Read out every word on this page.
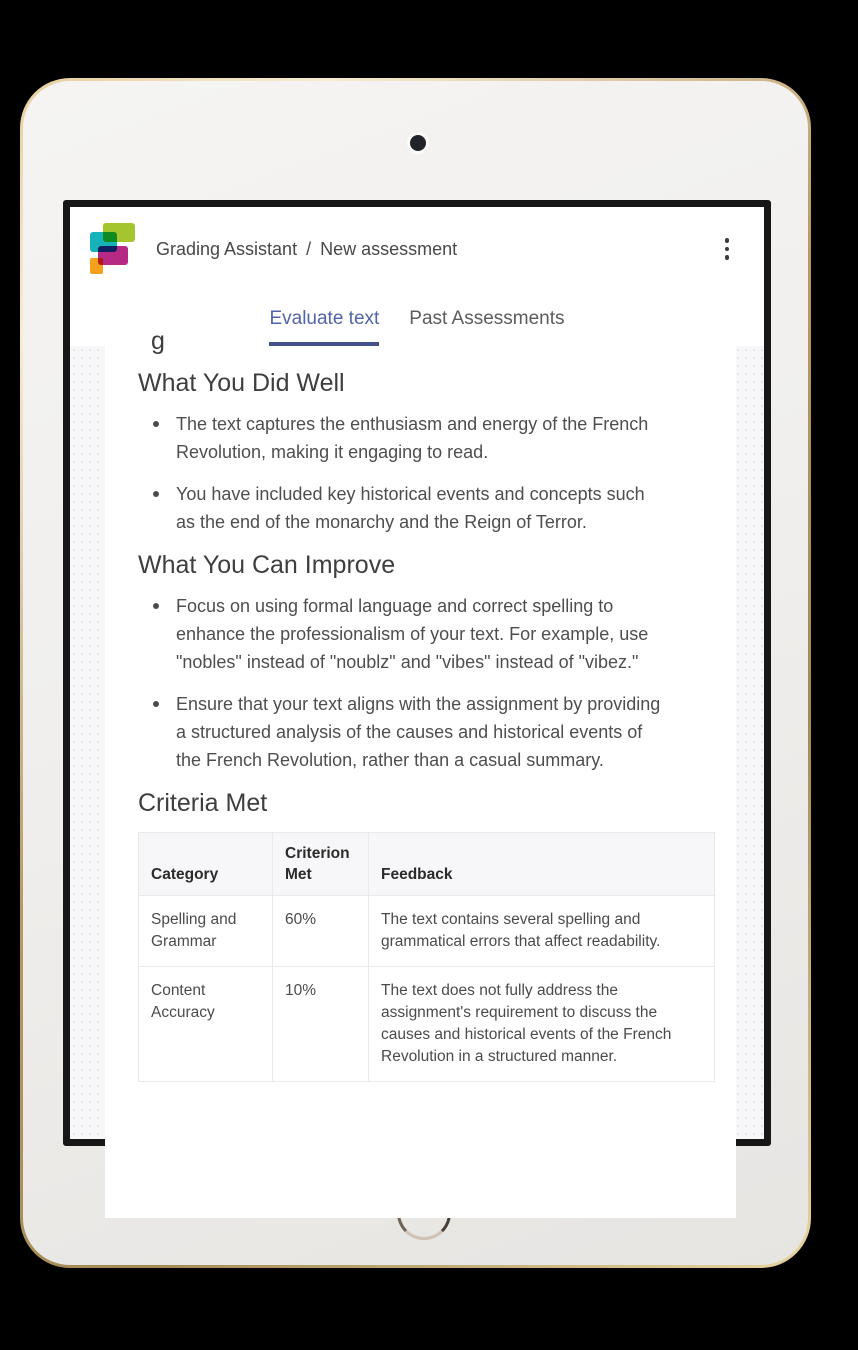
Grading Assistant / New assessment
Evaluate text Past Assessments
g
What You Did Well
The text captures the enthusiasm and energy of the French Revolution, making it engaging to read.
You have included key historical events and concepts such as the end of the monarchy and the Reign of Terror.
What You Can Improve
Focus on using formal language and correct spelling to enhance the professionalism of your text. For example, use "nobles" instead of "noublz" and "vibes" instead of "vibez."
Ensure that your text aligns with the assignment by providing a structured analysis of the causes and historical events of the French Revolution, rather than a casual summary.
Criteria Met
Category	Criterion Met	Feedback
Spelling and Grammar	60%	The text contains several spelling and grammatical errors that affect readability.
Content Accuracy	10%	The text does not fully address the assignment's requirement to discuss the causes and historical events of the French Revolution in a structured manner.
